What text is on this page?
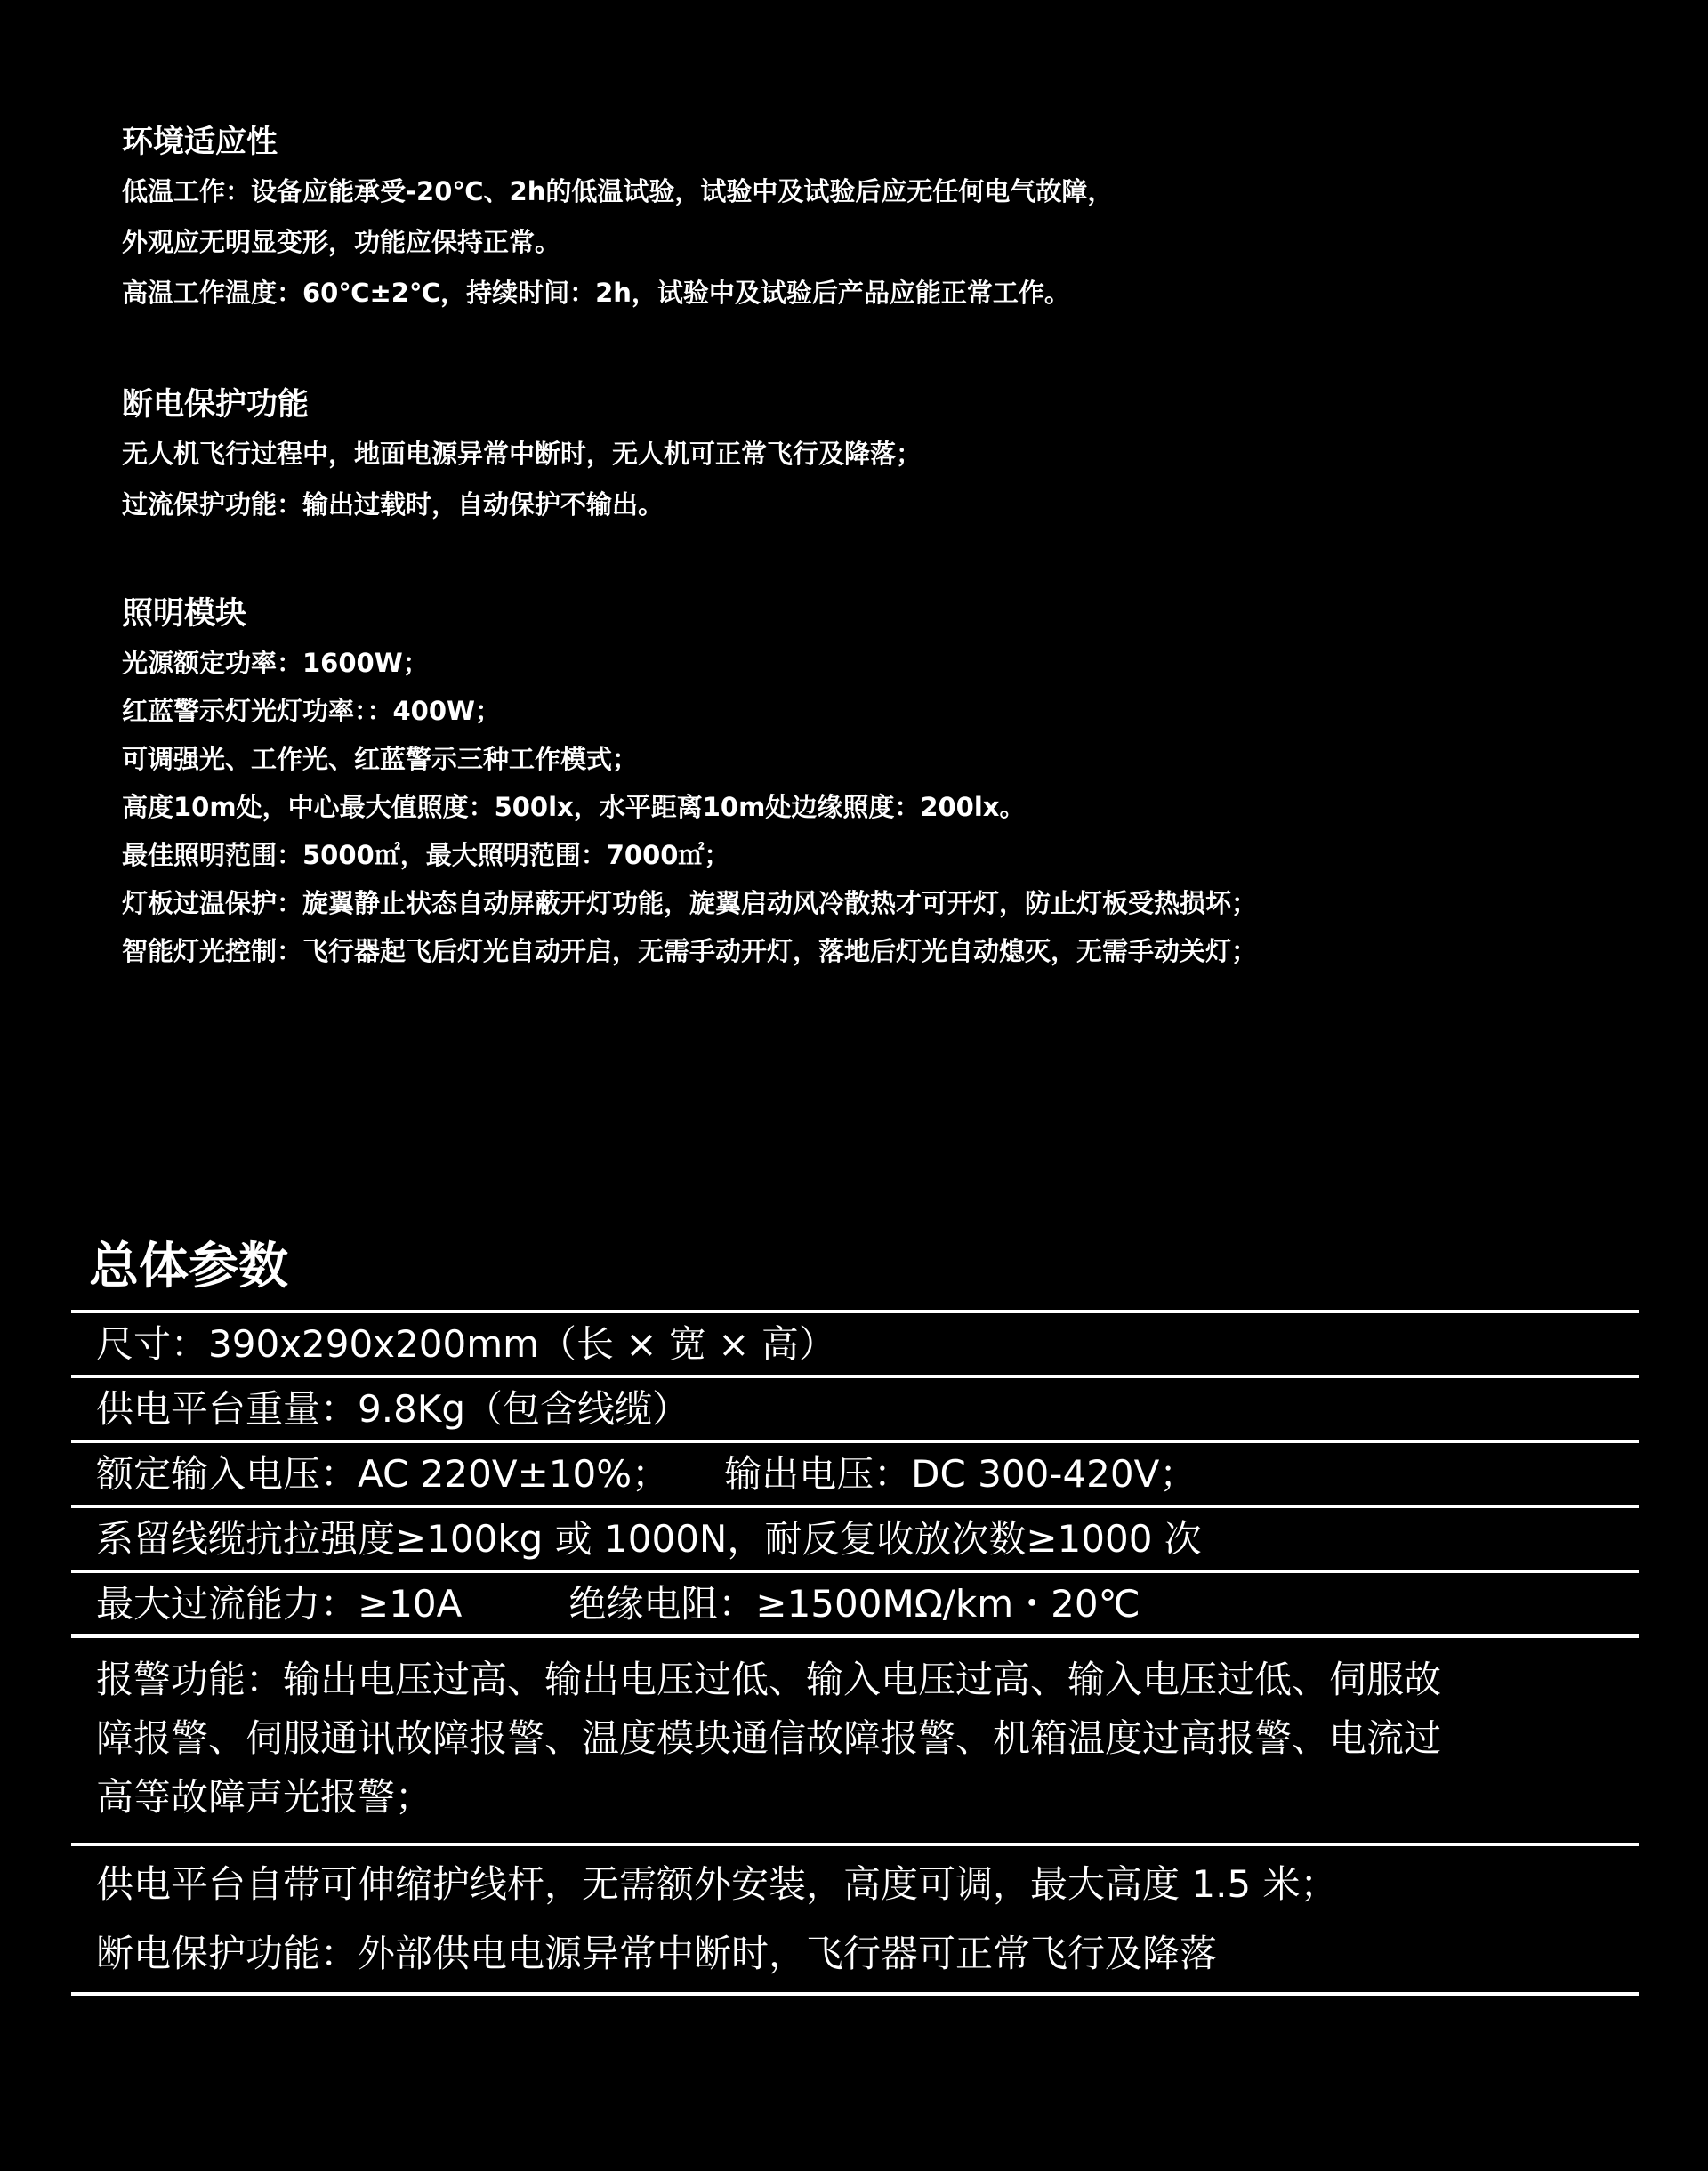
环境适应性
低温工作：设备应能承受-20℃、2h的低温试验，试验中及试验后应无任何电气故障，
外观应无明显变形，功能应保持正常。
高温工作温度：60℃±2℃，持续时间：2h，试验中及试验后产品应能正常工作。
断电保护功能
无人机飞行过程中，地面电源异常中断时，无人机可正常飞行及降落；
过流保护功能：输出过载时，自动保护不输出。
照明模块
光源额定功率：1600W；
红蓝警示灯光灯功率：：400W；
可调强光、工作光、红蓝警示三种工作模式；
高度10m处，中心最大值照度：500lx，水平距离10m处边缘照度：200lx。
最佳照明范围：5000㎡，最大照明范围：7000㎡；
灯板过温保护：旋翼静止状态自动屏蔽开灯功能，旋翼启动风冷散热才可开灯，防止灯板受热损坏；
智能灯光控制：飞行器起飞后灯光自动开启，无需手动开灯，落地后灯光自动熄灭，无需手动关灯；
总体参数
尺寸：390x290x200mm（长 × 宽 × 高）
供电平台重量：9.8Kg（包含线缆）
额定输入电压：AC 220V±10%； 输出电压：DC 300-420V；
系留线缆抗拉强度≥100kg 或 1000N，耐反复收放次数≥1000 次
最大过流能力：≥10A	绝缘电阻：≥1500MΩ/km・20℃
报警功能：输出电压过高、输出电压过低、输入电压过高、输入电压过低、伺服故
障报警、伺服通讯故障报警、温度模块通信故障报警、机箱温度过高报警、电流过
高等故障声光报警；
供电平台自带可伸缩护线杆，无需额外安装，高度可调，最大高度 1.5 米；
断电保护功能：外部供电电源异常中断时，飞行器可正常飞行及降落
